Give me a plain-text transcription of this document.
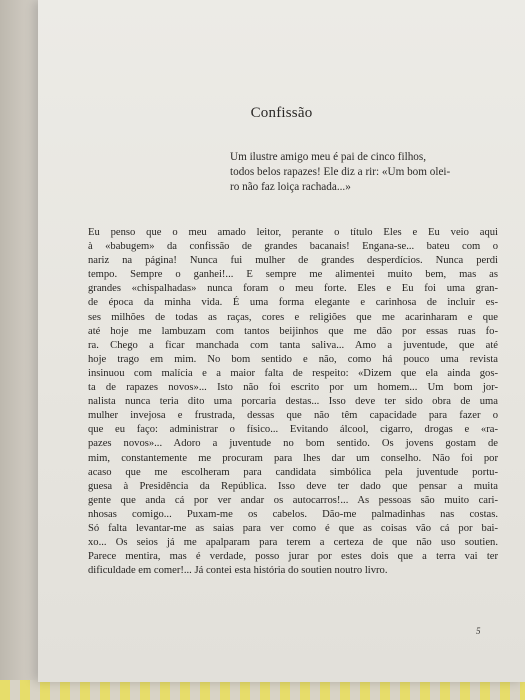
Confissão
Um ilustre amigo meu é pai de cinco filhos,
todos belos rapazes! Ele diz a rir: «Um bom olei-
ro não faz loiça rachada...»
Eu penso que o meu amado leitor, perante o título Eles e Eu veio aqui
à «babugem» da confissão de grandes bacanais! Engana-se... bateu com o
nariz na página! Nunca fui mulher de grandes desperdícios. Nunca perdi
tempo. Sempre o ganhei!... E sempre me alimentei muito bem, mas as
grandes «chispalhadas» nunca foram o meu forte. Eles e Eu foi uma gran-
de época da minha vida. É uma forma elegante e carinhosa de incluir es-
ses milhões de todas as raças, cores e religiões que me acarinharam e que
até hoje me lambuzam com tantos beijinhos que me dão por essas ruas fo-
ra. Chego a ficar manchada com tanta saliva... Amo a juventude, que até
hoje trago em mim. No bom sentido e não, como há pouco uma revista
insinuou com malícia e a maior falta de respeito: «Dizem que ela ainda gos-
ta de rapazes novos»... Isto não foi escrito por um homem... Um bom jor-
nalista nunca teria dito uma porcaria destas... Isso deve ter sido obra de uma
mulher invejosa e frustrada, dessas que não têm capacidade para fazer o
que eu faço: administrar o físico... Evitando álcool, cigarro, drogas e «ra-
pazes novos»... Adoro a juventude no bom sentido. Os jovens gostam de
mim, constantemente me procuram para lhes dar um conselho. Não foi por
acaso que me escolheram para candidata simbólica pela juventude portu-
guesa à Presidência da República. Isso deve ter dado que pensar a muita
gente que anda cá por ver andar os autocarros!... As pessoas são muito cari-
nhosas comigo... Puxam-me os cabelos. Dão-me palmadinhas nas costas.
Só falta levantar-me as saias para ver como é que as coisas vão cá por bai-
xo... Os seios já me apalparam para terem a certeza de que não uso soutien.
Parece mentira, mas é verdade, posso jurar por estes dois que a terra vai ter
dificuldade em comer!... Já contei esta história do soutien noutro livro.
5
